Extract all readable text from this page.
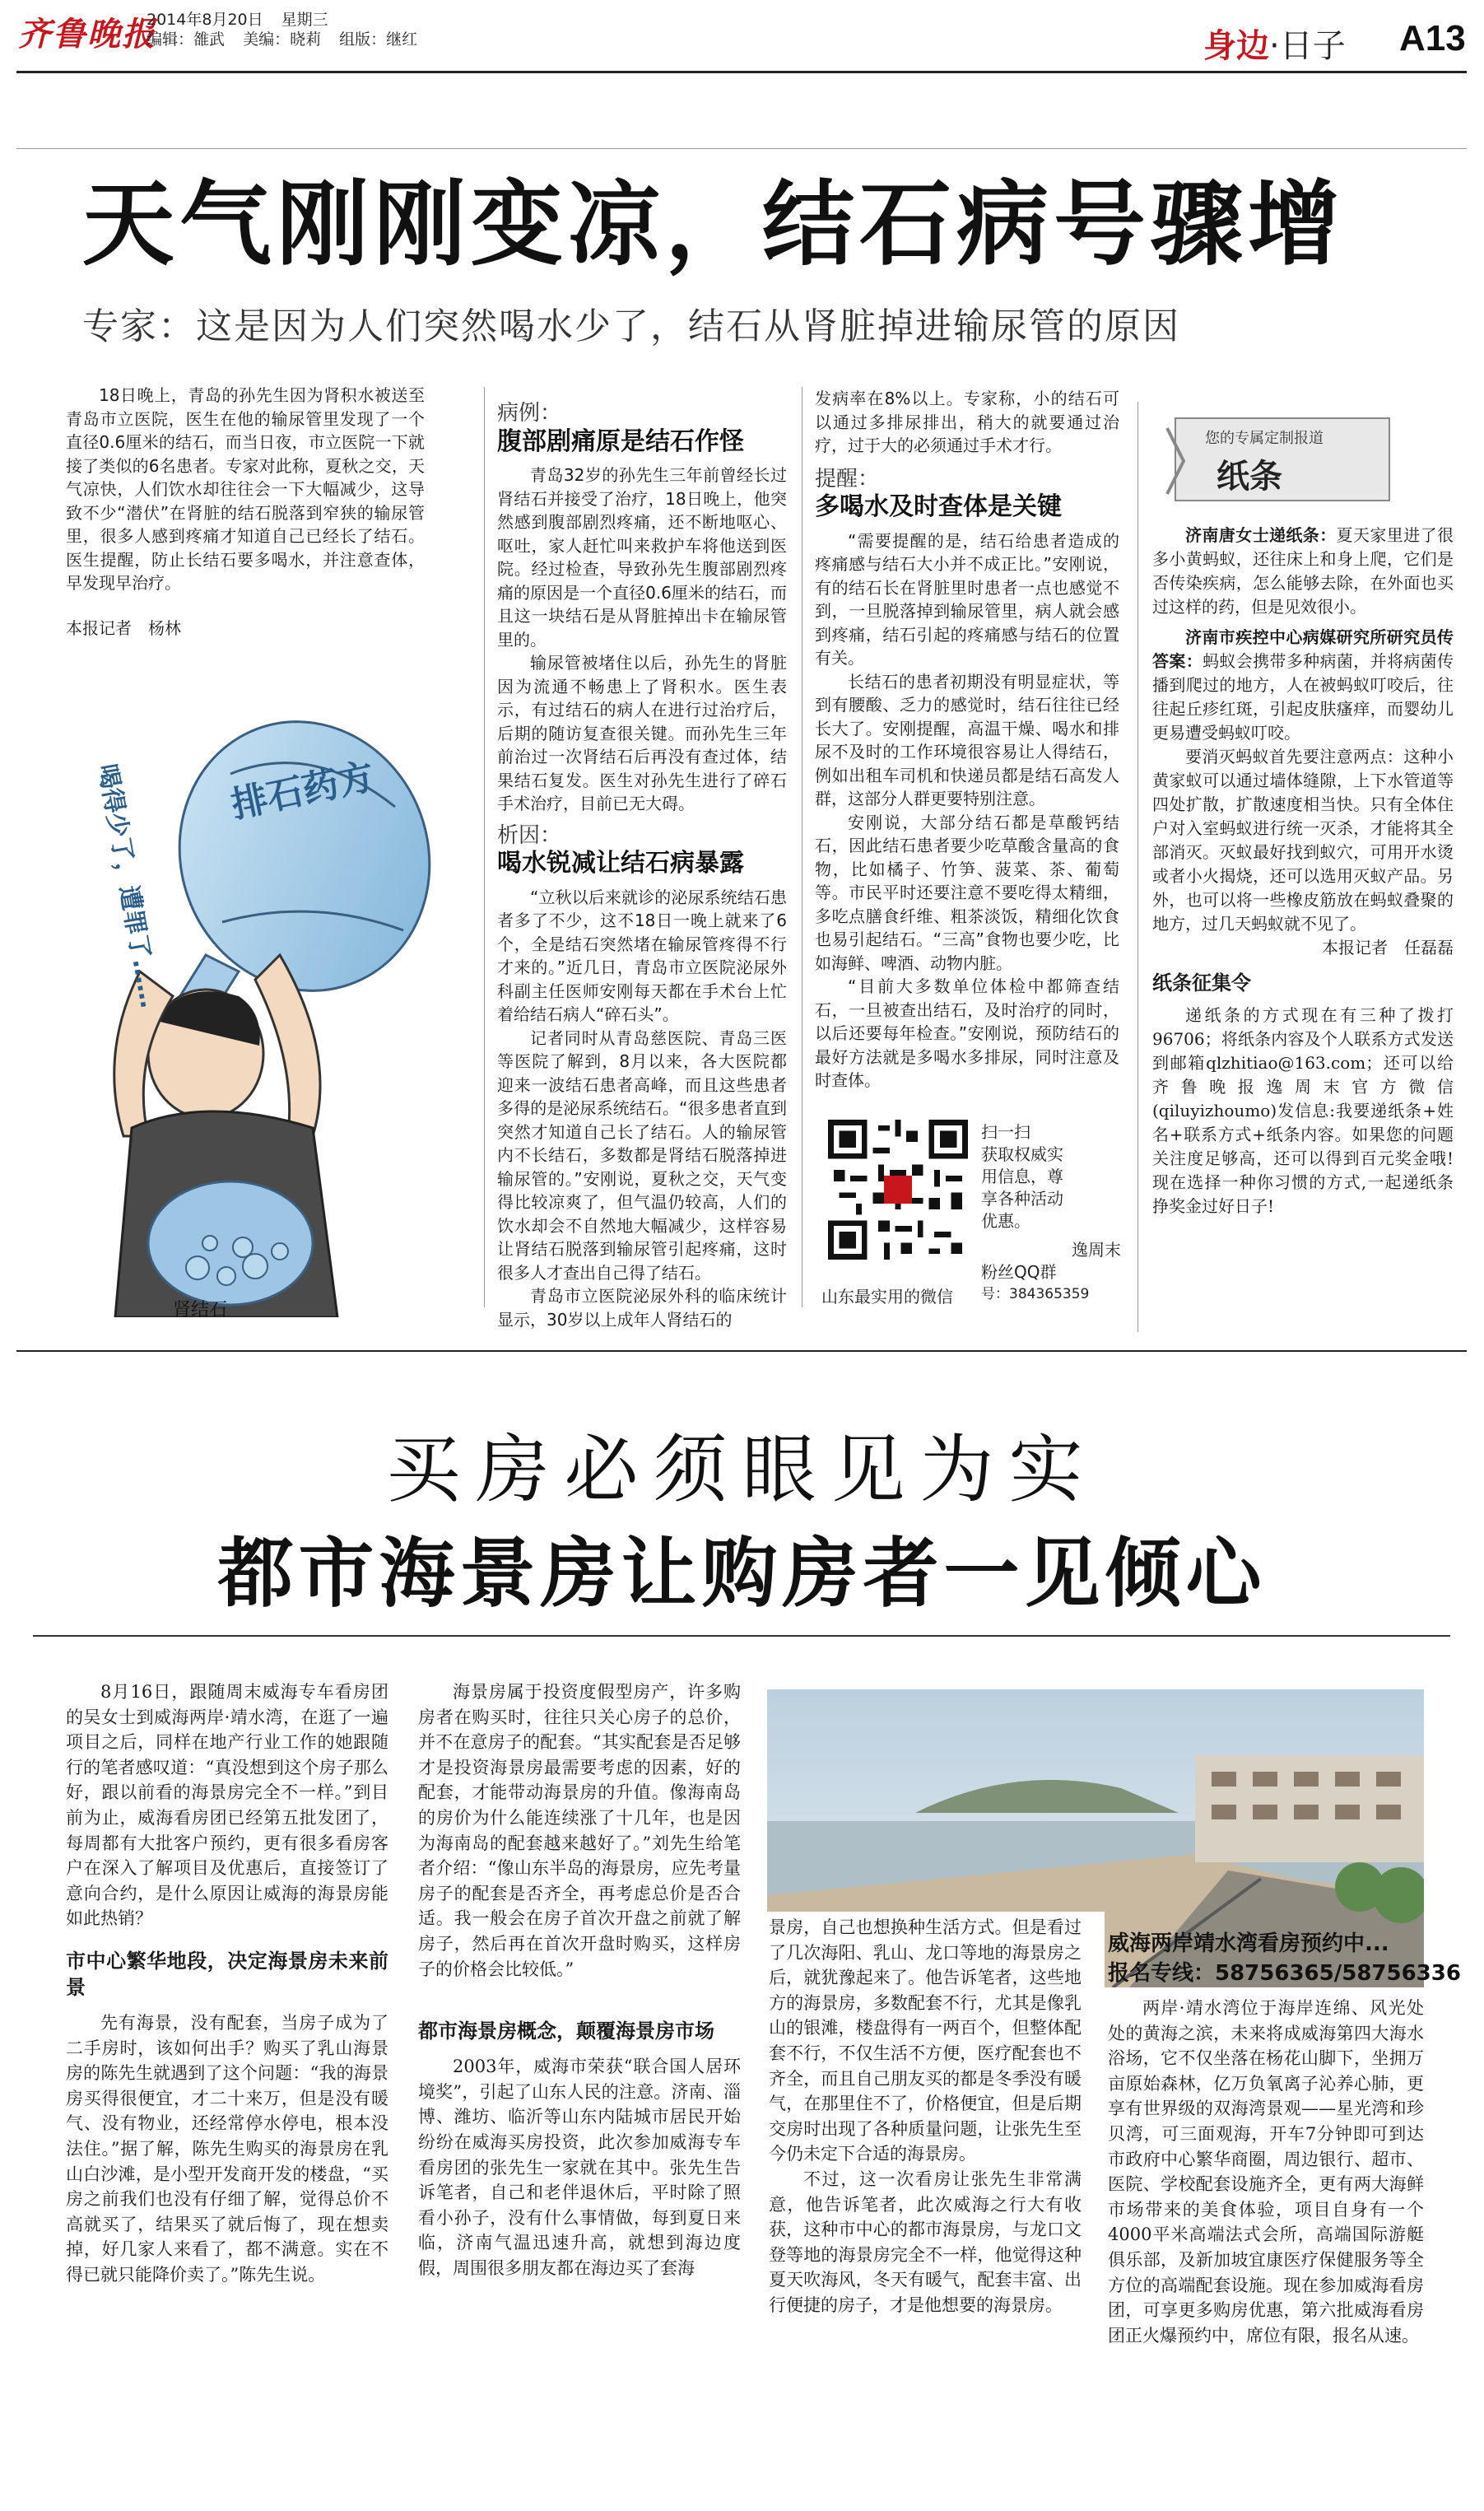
齐鲁晚报
2014年8月20日 星期三
编辑：雒武 美编：晓莉 组版：继红	身边·日子 A13
天气刚刚变凉，结石病号骤增
专家：这是因为人们突然喝水少了，结石从肾脏掉进输尿管的原因

18日晚上，青岛的孙先生因为肾积水被送至青岛市立医院，医生在他的输尿管里发现了一个直径0.6厘米的结石，而当日夜，市立医院一下就接了类似的6名患者。专家对此称，夏秋之交，天气凉快，人们饮水却往往会一下大幅减少，这导致不少“潜伏”在肾脏的结石脱落到窄狭的输尿管里，很多人感到疼痛才知道自己已经长了结石。医生提醒，防止长结石要多喝水，并注意查体，早发现早治疗。

本报记者　杨林
排石药方
喝得少了，遭罪了……
肾结石
病例：
腹部剧痛原是结石作怪

青岛32岁的孙先生三年前曾经长过肾结石并接受了治疗，18日晚上，他突然感到腹部剧烈疼痛，还不断地呕心、呕吐，家人赶忙叫来救护车将他送到医院。经过检查，导致孙先生腹部剧烈疼痛的原因是一个直径0.6厘米的结石，而且这一块结石是从肾脏掉出卡在输尿管里的。

输尿管被堵住以后，孙先生的肾脏因为流通不畅患上了肾积水。医生表示，有过结石的病人在进行过治疗后，后期的随访复查很关键。而孙先生三年前治过一次肾结石后再没有查过体，结果结石复发。医生对孙先生进行了碎石手术治疗，目前已无大碍。

析因：
喝水锐减让结石病暴露

“立秋以后来就诊的泌尿系统结石患者多了不少，这不18日一晚上就来了6个，全是结石突然堵在输尿管疼得不行才来的。”近几日，青岛市立医院泌尿外科副主任医师安刚每天都在手术台上忙着给结石病人“碎石头”。

记者同时从青岛慈医院、青岛三医等医院了解到，8月以来，各大医院都迎来一波结石患者高峰，而且这些患者多得的是泌尿系统结石。“很多患者直到突然才知道自己长了结石。人的输尿管内不长结石，多数都是肾结石脱落掉进输尿管的。”安刚说，夏秋之交，天气变得比较凉爽了，但气温仍较高，人们的饮水却会不自然地大幅减少，这样容易让肾结石脱落到输尿管引起疼痛，这时很多人才查出自己得了结石。

青岛市立医院泌尿外科的临床统计显示，30岁以上成年人肾结石的

发病率在8%以上。专家称，小的结石可以通过多排尿排出，稍大的就要通过治疗，过于大的必须通过手术才行。

提醒：
多喝水及时查体是关键

“需要提醒的是，结石给患者造成的疼痛感与结石大小并不成正比。”安刚说，有的结石长在肾脏里时患者一点也感觉不到，一旦脱落掉到输尿管里，病人就会感到疼痛，结石引起的疼痛感与结石的位置有关。

长结石的患者初期没有明显症状，等到有腰酸、乏力的感觉时，结石往往已经长大了。安刚提醒，高温干燥、喝水和排尿不及时的工作环境很容易让人得结石，例如出租车司机和快递员都是结石高发人群，这部分人群更要特别注意。

安刚说，大部分结石都是草酸钙结石，因此结石患者要少吃草酸含量高的食物，比如橘子、竹笋、菠菜、茶、葡萄等。市民平时还要注意不要吃得太精细，多吃点膳食纤维、粗茶淡饭，精细化饮食也易引起结石。“三高”食物也要少吃，比如海鲜、啤酒、动物内脏。

“目前大多数单位体检中都筛查结石，一旦被查出结石，及时治疗的同时，以后还要每年检查。”安刚说，预防结石的最好方法就是多喝水多排尿，同时注意及时查体。

扫一扫
获取权威实
用信息，尊
享各种活动
优惠。
逸周末
粉丝QQ群
号：384365359
山东最实用的微信
您的专属定制报道
纸条

济南唐女士递纸条：夏天家里进了很多小黄蚂蚁，还往床上和身上爬，它们是否传染疾病，怎么能够去除，在外面也买过这样的药，但是见效很小。

济南市疾控中心病媒研究所研究员传答案：蚂蚁会携带多种病菌，并将病菌传播到爬过的地方，人在被蚂蚁叮咬后，往往起丘疹红斑，引起皮肤瘙痒，而婴幼儿更易遭受蚂蚁叮咬。

要消灭蚂蚁首先要注意两点：这种小黄家蚁可以通过墙体缝隙，上下水管道等四处扩散，扩散速度相当快。只有全体住户对入室蚂蚁进行统一灭杀，才能将其全部消灭。灭蚁最好找到蚁穴，可用开水烫或者小火揭烧，还可以选用灭蚁产品。另外，也可以将一些橡皮筋放在蚂蚁叠聚的地方，过几天蚂蚁就不见了。

本报记者　任磊磊
纸条征集令

递纸条的方式现在有三种了拨打96706；将纸条内容及个人联系方式发送到邮箱qlzhitiao@163.com；还可以给齐鲁晚报逸周末官方微信(qiluyizhoumo)发信息:我要递纸条+姓名+联系方式+纸条内容。如果您的问题关注度足够高，还可以得到百元奖金哦!现在选择一种你习惯的方式,一起递纸条挣奖金过好日子!

买房必须眼见为实
都市海景房让购房者一见倾心

8月16日，跟随周末威海专车看房团的吴女士到威海两岸·靖水湾，在逛了一遍项目之后，同样在地产行业工作的她跟随行的笔者感叹道：“真没想到这个房子那么好，跟以前看的海景房完全不一样。”到目前为止，威海看房团已经第五批发团了，每周都有大批客户预约，更有很多看房客户在深入了解项目及优惠后，直接签订了意向合约，是什么原因让威海的海景房能如此热销？

市中心繁华地段，决定海景房未来前景

先有海景，没有配套，当房子成为了二手房时，该如何出手？购买了乳山海景房的陈先生就遇到了这个问题：“我的海景房买得很便宜，才二十来万，但是没有暖气、没有物业，还经常停水停电，根本没法住。”据了解，陈先生购买的海景房在乳山白沙滩，是小型开发商开发的楼盘，“买房之前我们也没有仔细了解，觉得总价不高就买了，结果买了就后悔了，现在想卖掉，好几家人来看了，都不满意。实在不得已就只能降价卖了。”陈先生说。

海景房属于投资度假型房产，许多购房者在购买时，往往只关心房子的总价，并不在意房子的配套。“其实配套是否足够才是投资海景房最需要考虑的因素，好的配套，才能带动海景房的升值。像海南岛的房价为什么能连续涨了十几年，也是因为海南岛的配套越来越好了。”刘先生给笔者介绍：“像山东半岛的海景房，应先考量房子的配套是否齐全，再考虑总价是否合适。我一般会在房子首次开盘之前就了解房子，然后再在首次开盘时购买，这样房子的价格会比较低。”

都市海景房概念，颠覆海景房市场

2003年，威海市荣获“联合国人居环境奖”，引起了山东人民的注意。济南、淄博、潍坊、临沂等山东内陆城市居民开始纷纷在威海买房投资，此次参加威海专车看房团的张先生一家就在其中。张先生告诉笔者，自己和老伴退休后，平时除了照看小孙子，没有什么事情做，每到夏日来临，济南气温迅速升高，就想到海边度假，周围很多朋友都在海边买了套海

威海两岸靖水湾看房预约中...
报名专线：58756365/58756336

景房，自己也想换种生活方式。但是看过了几次海阳、乳山、龙口等地的海景房之后，就犹豫起来了。他告诉笔者，这些地方的海景房，多数配套不行，尤其是像乳山的银滩，楼盘得有一两百个，但整体配套不行，不仅生活不方便，医疗配套也不齐全，而且自己朋友买的都是冬季没有暖气，在那里住不了，价格便宜，但是后期交房时出现了各种质量问题，让张先生至今仍未定下合适的海景房。

不过，这一次看房让张先生非常满意，他告诉笔者，此次威海之行大有收获，这种市中心的都市海景房，与龙口文登等地的海景房完全不一样，他觉得这种夏天吹海风，冬天有暖气，配套丰富、出行便捷的房子，才是他想要的海景房。

两岸·靖水湾位于海岸连绵、风光处处的黄海之滨，未来将成威海第四大海水浴场，它不仅坐落在杨花山脚下，坐拥万亩原始森林，亿万负氧离子沁养心肺，更享有世界级的双海湾景观——星光湾和珍贝湾，可三面观海，开车7分钟即可到达市政府中心繁华商圈，周边银行、超市、医院、学校配套设施齐全，更有两大海鲜市场带来的美食体验，项目自身有一个4000平米高端法式会所，高端国际游艇俱乐部，及新加坡宜康医疗保健服务等全方位的高端配套设施。现在参加威海看房团，可享更多购房优惠，第六批威海看房团正火爆预约中，席位有限，报名从速。
